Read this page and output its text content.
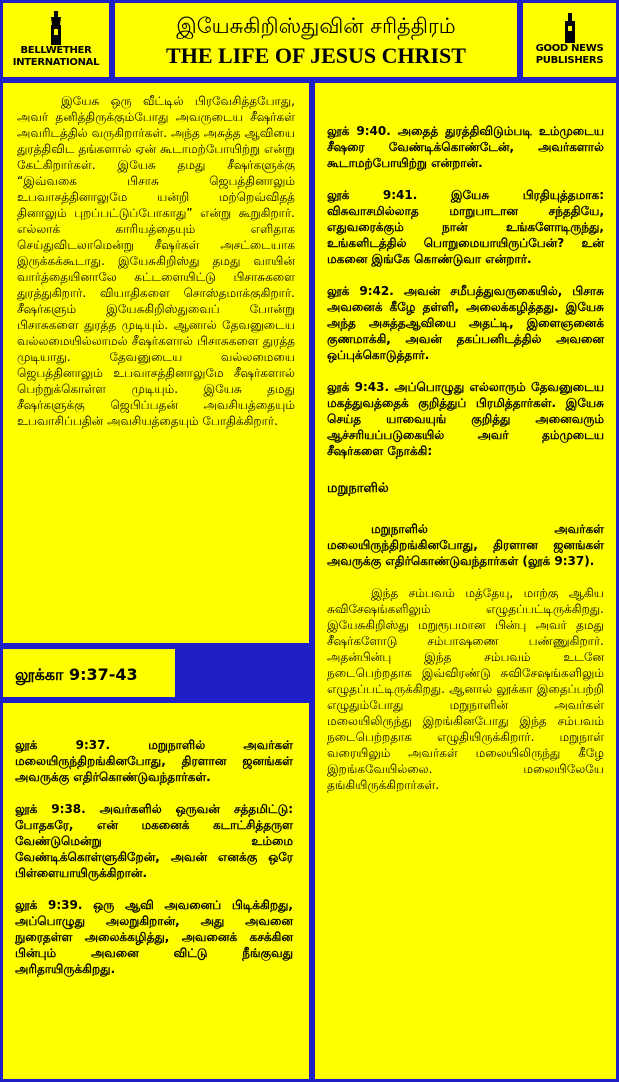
BELLWETHER
INTERNATIONAL
இயேசுகிறிஸ்துவின் சரித்திரம்
THE LIFE OF JESUS CHRIST	GOOD NEWS
PUBLISHERS

இயேசு ஒரு வீட்டில் பிரவேசித்தபோது, அவர் தனித்திருக்கும்போது அவருடைய சீஷர்கள் அவரிடத்தில் வருகிறார்கள். அந்த அசுத்த ஆவியை துரத்திவிட தங்களால் ஏன் கூடாமற்போயிற்று என்று கேட்கிறார்கள். இயேசு தமது சீஷர்களுக்கு “இவ்வகை பிசாசு ஜெபத்தினாலும் உபவாசத்தினாலுமே யன்றி மற்றெவ்விதத் தினாலும் புறப்பட்டுப்போகாது” என்று கூறுகிறார். எல்லாக் காரியத்தையும் எளிதாக செய்துவிடலாமென்று சீஷர்கள் அசட்டையாக இருக்கக்கூடாது. இயேசுகிறிஸ்து தமது வாயின் வார்த்தையினாலே கட்டளையிட்டு பிசாசுகளை துரத்துகிறார். வியாதிகளை சொஸ்தமாக்குகிறார். சீஷர்களும் இயேசுகிறிஸ்துவைப் போன்று பிசாசுகளை துரத்த முடியும். ஆனால் தேவனுடைய வல்லமையில்லாமல் சீஷர்களால் பிசாசுகளை துரத்த முடியாது. தேவனுடைய வல்லமையை ஜெபத்தினாலும் உபவாசத்தினாலுமே சீஷர்களால் பெற்றுக்கொள்ள முடியும். இயேசு தமது சீஷர்களுக்கு ஜெபிப்பதன் அவசியத்தையும் உபவாசிப்பதின் அவசியத்தையும் போதிக்கிறார்.

லூக்கா 9:37-43

லூக் 9:37. மறுநாளில் அவர்கள் மலையிருந்திறங்கினபோது, திரளான ஜனங்கள் அவருக்கு எதிர்கொண்டுவந்தார்கள்.

லூக் 9:38. அவர்களில் ஒருவன் சத்தமிட்டு: போதகரே, என் மகனைக் கடாட்சித்தருள வேண்டுமென்று உம்மை வேண்டிக்கொள்ளுகிறேன், அவன் எனக்கு ஒரே பிள்ளையாயிருக்கிறான்.

லூக் 9:39. ஒரு ஆவி அவனைப் பிடிக்கிறது, அப்பொழுது அலறுகிறான், அது அவனை நுரைதள்ள அலைக்கழித்து, அவனைக் கசக்கின பின்பும் அவனை விட்டு நீங்குவது அரிதாயிருக்கிறது.

லூக் 9:40. அதைத் துரத்திவிடும்படி உம்முடைய சீஷரை வேண்டிக்கொண்டேன், அவர்களால் கூடாமற்போயிற்று என்றான்.

லூக் 9:41. இயேசு பிரதியுத்தமாக: விசுவாசமில்லாத மாறுபாடான சந்ததியே, எதுவரைக்கும் நான் உங்களோடிருந்து, உங்களிடத்தில் பொறுமையாயிருப்பேன்? உன் மகனை இங்கே கொண்டுவா என்றார்.

லூக் 9:42. அவன் சமீபத்துவருகையில், பிசாசு அவனைக் கீழே தள்ளி, அலைக்கழித்தது. இயேசு அந்த அசுத்தஆவியை அதட்டி, இளைஞனைக் குணமாக்கி, அவன் தகப்பனிடத்தில் அவனை ஒப்புக்கொடுத்தார்.

லூக் 9:43. அப்பொழுது எல்லாரும் தேவனுடைய மகத்துவத்தைக் குறித்துப் பிரமித்தார்கள். இயேசு செய்த யாவையுங் குறித்து அனைவரும் ஆச்சரியப்படுகையில் அவர் தம்முடைய சீஷர்களை நோக்கி:

மறுநாளில்

மறுநாளில் அவர்கள் மலையிருந்திறங்கினபோது, திரளான ஜனங்கள் அவருக்கு எதிர்கொண்டுவந்தார்கள் (லூக் 9:37).

இந்த சம்பவம் மத்தேயு, மாற்கு ஆகிய சுவிசேஷங்களிலும் எழுதப்பட்டிருக்கிறது. இயேசுகிறிஸ்து மறுரூபமான பின்பு அவர் தமது சீஷர்களோடு சம்பாஷணை பண்ணுகிறார். அதன்பின்பு இந்த சம்பவம் உடனே நடைபெற்றதாக இவ்விரண்டு சுவிசேஷங்களிலும் எழுதப்பட்டிருக்கிறது. ஆனால் லூக்கா இதைப்பற்றி எழுதும்போது மறுநாளின் அவர்கள் மலையிலிருந்து இறங்கினபோது இந்த சம்பவம் நடைபெற்றதாக எழுதியிருக்கிறார். மறுநாள் வரையிலும் அவர்கள் மலையிலிருந்து கீழே இறங்கவேயில்லை. மலையிலேயே தங்கியிருக்கிறார்கள்.
